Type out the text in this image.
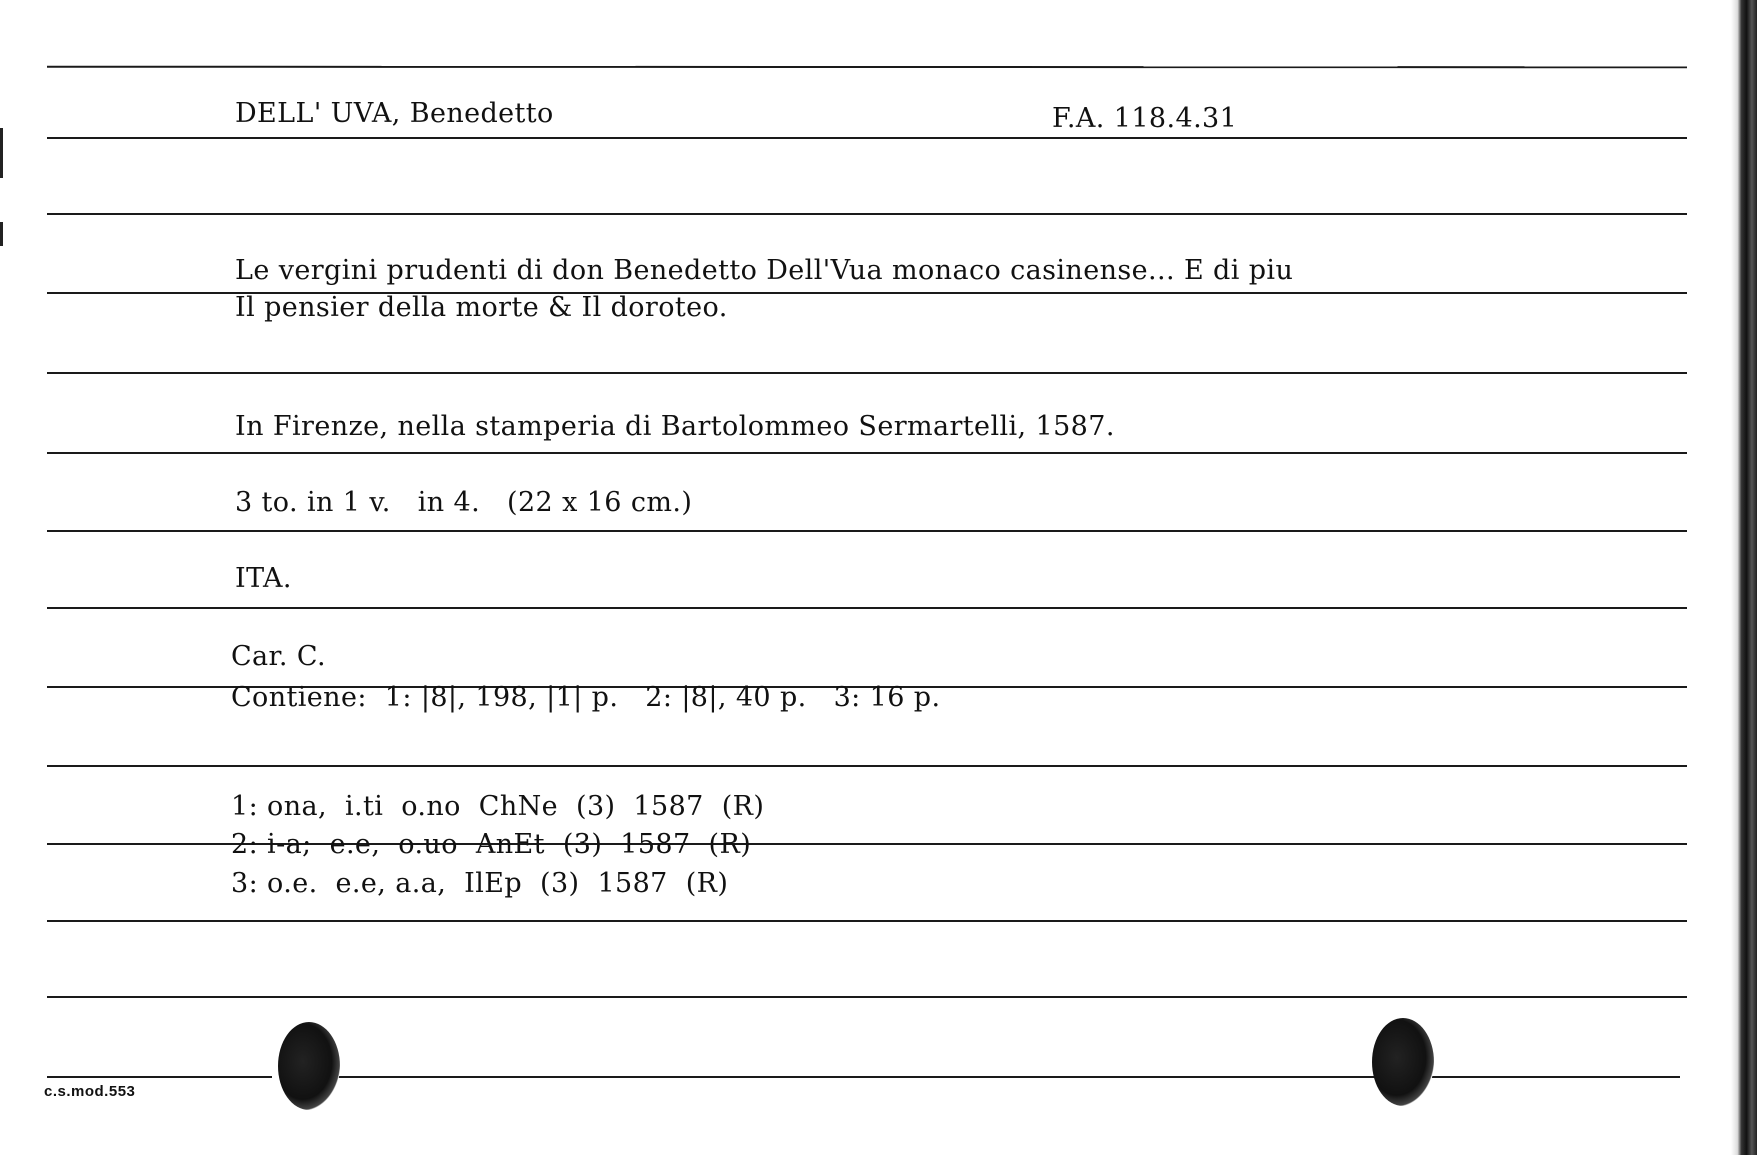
DELL' UVA, Benedetto	F.A. 118.4.31
Le vergini prudenti di don Benedetto Dell'Vua monaco casinense... E di piu
Il pensier della morte & Il doroteo.
In Firenze, nella stamperia di Bartolommeo Sermartelli, 1587.
3 to. in 1 v.   in 4.   (22 x 16 cm.)
ITA.
Car. C.
Contiene:  1: |8|, 198, |1| p.   2: |8|, 40 p.   3: 16 p.
1: ona,  i.ti  o.no  ChNe  (3)  1587  (R)
2: i-a;  e.e,  o.uo  AnEt  (3)  1587  (R)
3: o.e.  e.e, a.a,  IlEp  (3)  1587  (R)
c.s.mod.553
